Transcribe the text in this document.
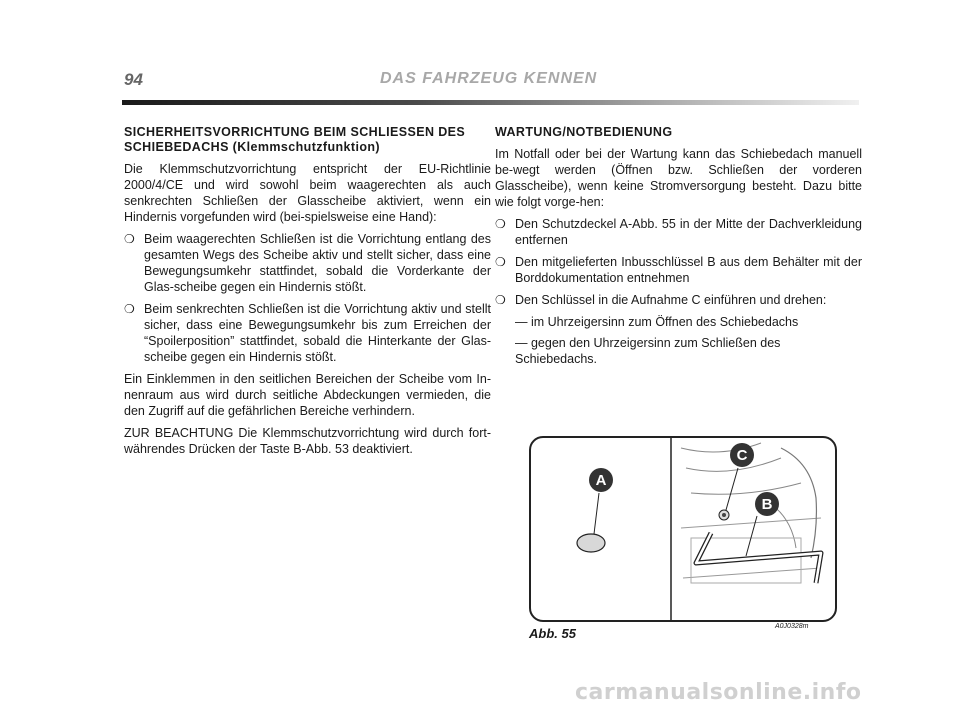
94	DAS FAHRZEUG KENNEN
SICHERHEITSVORRICHTUNG BEIM SCHLIESSEN DES SCHIEBEDACHS (Klemmschutzfunktion)
Die Klemmschutzvorrichtung entspricht der EU-Richtlinie 2000/4/CE und wird sowohl beim waagerechten als auch senkrechten Schließen der Glasscheibe aktiviert, wenn ein Hindernis vorgefunden wird (bei-spielsweise eine Hand):
❍ Beim waagerechten Schließen ist die Vorrichtung entlang des gesamten Wegs des Scheibe aktiv und stellt sicher, dass eine Bewegungsumkehr stattfindet, sobald die Vorderkante der Glas-scheibe gegen ein Hindernis stößt.
❍ Beim senkrechten Schließen ist die Vorrichtung aktiv und stellt sicher, dass eine Bewegungsumkehr bis zum Erreichen der “Spoilerposition” stattfindet, sobald die Hinterkante der Glas-scheibe gegen ein Hindernis stößt.
Ein Einklemmen in den seitlichen Bereichen der Scheibe vom In-nenraum aus wird durch seitliche Abdeckungen vermieden, die den Zugriff auf die gefährlichen Bereiche verhindern.
ZUR BEACHTUNG Die Klemmschutzvorrichtung wird durch fort-währendes Drücken der Taste B-Abb. 53 deaktiviert.
WARTUNG/NOTBEDIENUNG
Im Notfall oder bei der Wartung kann das Schiebedach manuell be-wegt werden (Öffnen bzw. Schließen der vorderen Glasscheibe), wenn keine Stromversorgung besteht. Dazu bitte wie folgt vorge-hen:
❍ Den Schutzdeckel A-Abb. 55 in der Mitte der Dachverkleidung entfernen
❍ Den mitgelieferten Inbusschlüssel B aus dem Behälter mit der Borddokumentation entnehmen
❍ Den Schlüssel in die Aufnahme C einführen und drehen:
— im Uhrzeigersinn zum Öffnen des Schiebedachs
— gegen den Uhrzeigersinn zum Schließen des Schiebedachs.
A
B
C
Abb. 55	A0J0328m
carmanualsonline.info
